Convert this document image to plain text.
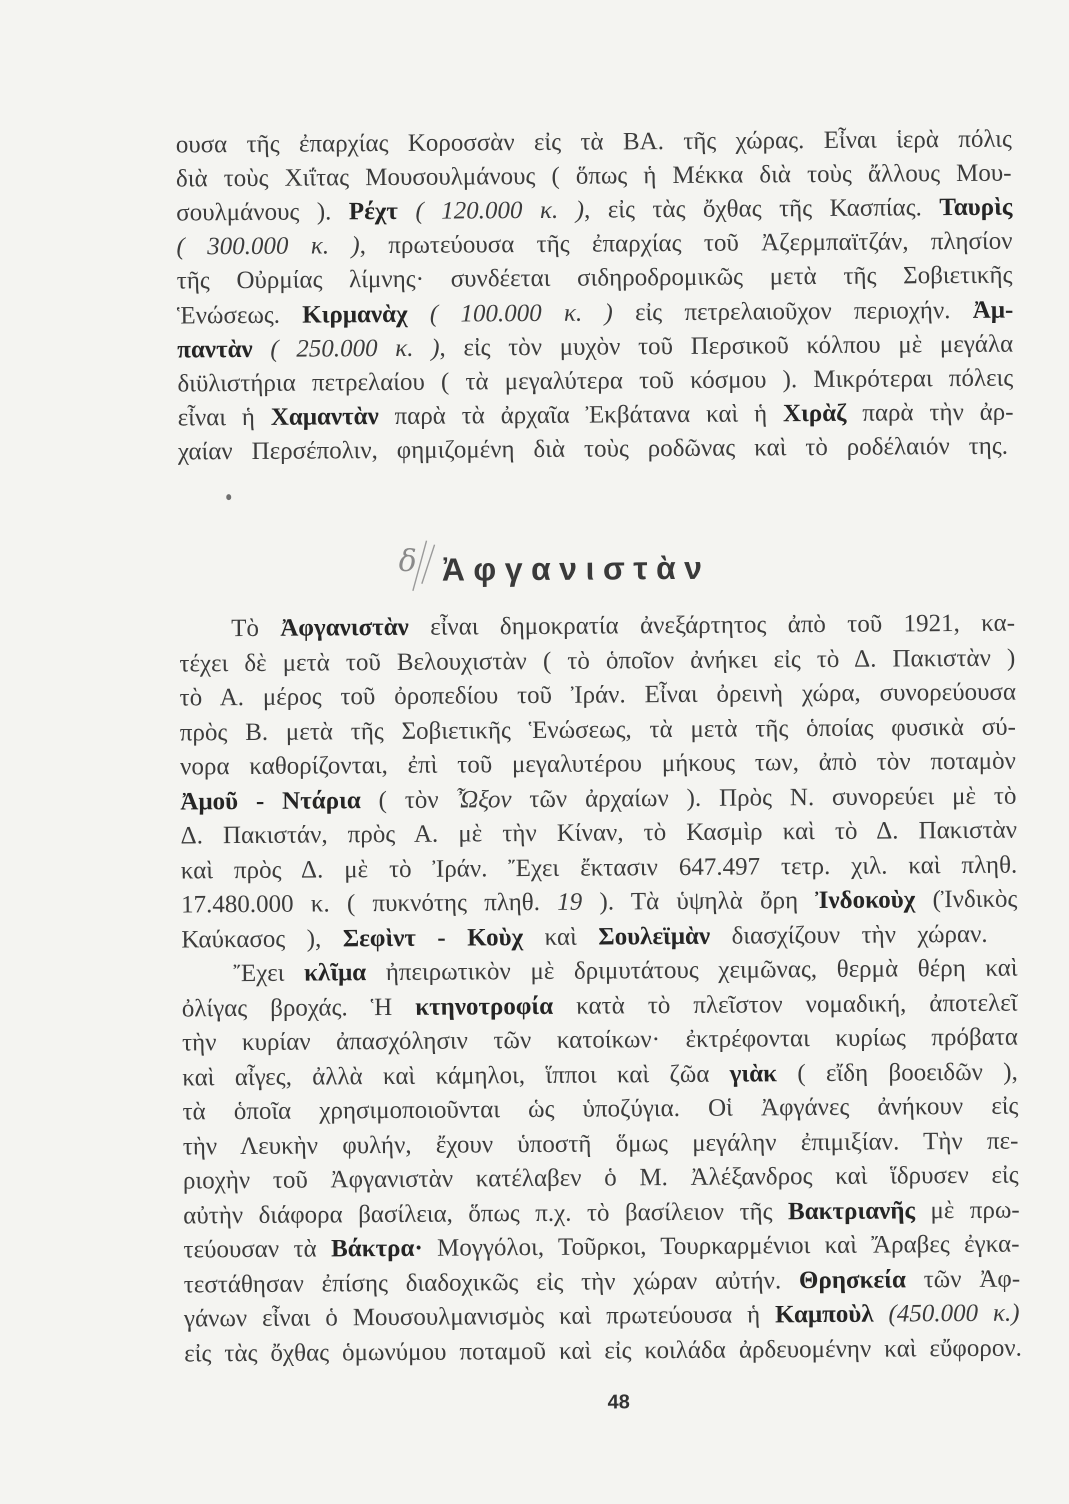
ουσα τῆς ἐπαρχίας Κοροσσὰν εἰς τὰ ΒΑ. τῆς χώρας. Εἶναι ἱερὰ πόλις
διὰ τοὺς Χιΐτας Μουσουλμάνους ( ὅπως ἡ Μέκκα διὰ τοὺς ἄλλους Μου-
σουλμάνους ). Ρέχτ ( 120.000 κ. ), εἰς τὰς ὄχθας τῆς Κασπίας. Ταυρὶς
( 300.000 κ. ), πρωτεύουσα τῆς ἐπαρχίας τοῦ Ἀζερμπαϊτζάν, πλησίον
τῆς Οὐρμίας λίμνης· συνδέεται σιδηροδρομικῶς μετὰ τῆς Σοβιετικῆς
Ἑνώσεως. Κιρμανὰχ ( 100.000 κ. ) εἰς πετρελαιοῦχον περιοχήν. Ἀμ-
παντὰν ( 250.000 κ. ), εἰς τὸν μυχὸν τοῦ Περσικοῦ κόλπου μὲ μεγάλα
διϋλιστήρια πετρελαίου ( τὰ μεγαλύτερα τοῦ κόσμου ). Μικρότεραι πόλεις
εἶναι ἡ Χαμαντὰν παρὰ τὰ ἀρχαῖα Ἐκβάτανα καὶ ἡ Χιρὰζ παρὰ τὴν ἀρ-
χαίαν Περσέπολιν, φημιζομένη διὰ τοὺς ροδῶνας καὶ τὸ ροδέλαιόν της.
Τὸ Ἀφγανιστὰν εἶναι δημοκρατία ἀνεξάρτητος ἀπὸ τοῦ 1921, κα-
τέχει δὲ μετὰ τοῦ Βελουχιστὰν ( τὸ ὁποῖον ἀνήκει εἰς τὸ Δ. Πακιστὰν )
τὸ Α. μέρος τοῦ ὀροπεδίου τοῦ Ἰράν. Εἶναι ὀρεινὴ χώρα, συνορεύουσα
πρὸς Β. μετὰ τῆς Σοβιετικῆς Ἑνώσεως, τὰ μετὰ τῆς ὁποίας φυσικὰ σύ-
νορα καθορίζονται, ἐπὶ τοῦ μεγαλυτέρου μήκους των, ἀπὸ τὸν ποταμὸν
Ἀμοῦ - Ντάρια ( τὸν Ὦξον τῶν ἀρχαίων ). Πρὸς Ν. συνορεύει μὲ τὸ
Δ. Πακιστάν, πρὸς Α. μὲ τὴν Κίναν, τὸ Κασμὶρ καὶ τὸ Δ. Πακιστὰν
καὶ πρὸς Δ. μὲ τὸ Ἰράν. Ἔχει ἔκτασιν 647.497 τετρ. χιλ. καὶ πληθ.
17.480.000 κ. ( πυκνότης πληθ. 19 ). Τὰ ὑψηλὰ ὄρη Ἰνδοκοὺχ (Ἰνδικὸς
Καύκασος ), Σεφὶντ - Κοὺχ καὶ Σουλεϊμὰν διασχίζουν τὴν χώραν.
Ἔχει κλῖμα ἠπειρωτικὸν μὲ δριμυτάτους χειμῶνας, θερμὰ θέρη καὶ
ὀλίγας βροχάς. Ἡ κτηνοτροφία κατὰ τὸ πλεῖστον νομαδική, ἀποτελεῖ
τὴν κυρίαν ἀπασχόλησιν τῶν κατοίκων· ἐκτρέφονται κυρίως πρόβατα
καὶ αἶγες, ἀλλὰ καὶ κάμηλοι, ἵπποι καὶ ζῶα γιὰκ ( εἴδη βοοειδῶν ),
τὰ ὁποῖα χρησιμοποιοῦνται ὡς ὑποζύγια. Οἱ Ἀφγάνες ἀνήκουν εἰς
τὴν Λευκὴν φυλήν, ἔχουν ὑποστῆ ὅμως μεγάλην ἐπιμιξίαν. Τὴν πε-
ριοχὴν τοῦ Ἀφγανιστὰν κατέλαβεν ὁ Μ. Ἀλέξανδρος καὶ ἵδρυσεν εἰς
αὐτὴν διάφορα βασίλεια, ὅπως π.χ. τὸ βασίλειον τῆς Βακτριανῆς μὲ πρω-
τεύουσαν τὰ Βάκτρα· Μογγόλοι, Τοῦρκοι, Τουρκαρμένιοι καὶ Ἄραβες ἐγκα-
τεστάθησαν ἐπίσης διαδοχικῶς εἰς τὴν χώραν αὐτήν. Θρησκεία τῶν Ἀφ-
γάνων εἶναι ὁ Μουσουλμανισμὸς καὶ πρωτεύουσα ἡ Καμποὺλ (450.000 κ.)
εἰς τὰς ὄχθας ὁμωνύμου ποταμοῦ καὶ εἰς κοιλάδα ἀρδευομένην καὶ εὔφορον.
δ Ἀφγανιστὰν
48
